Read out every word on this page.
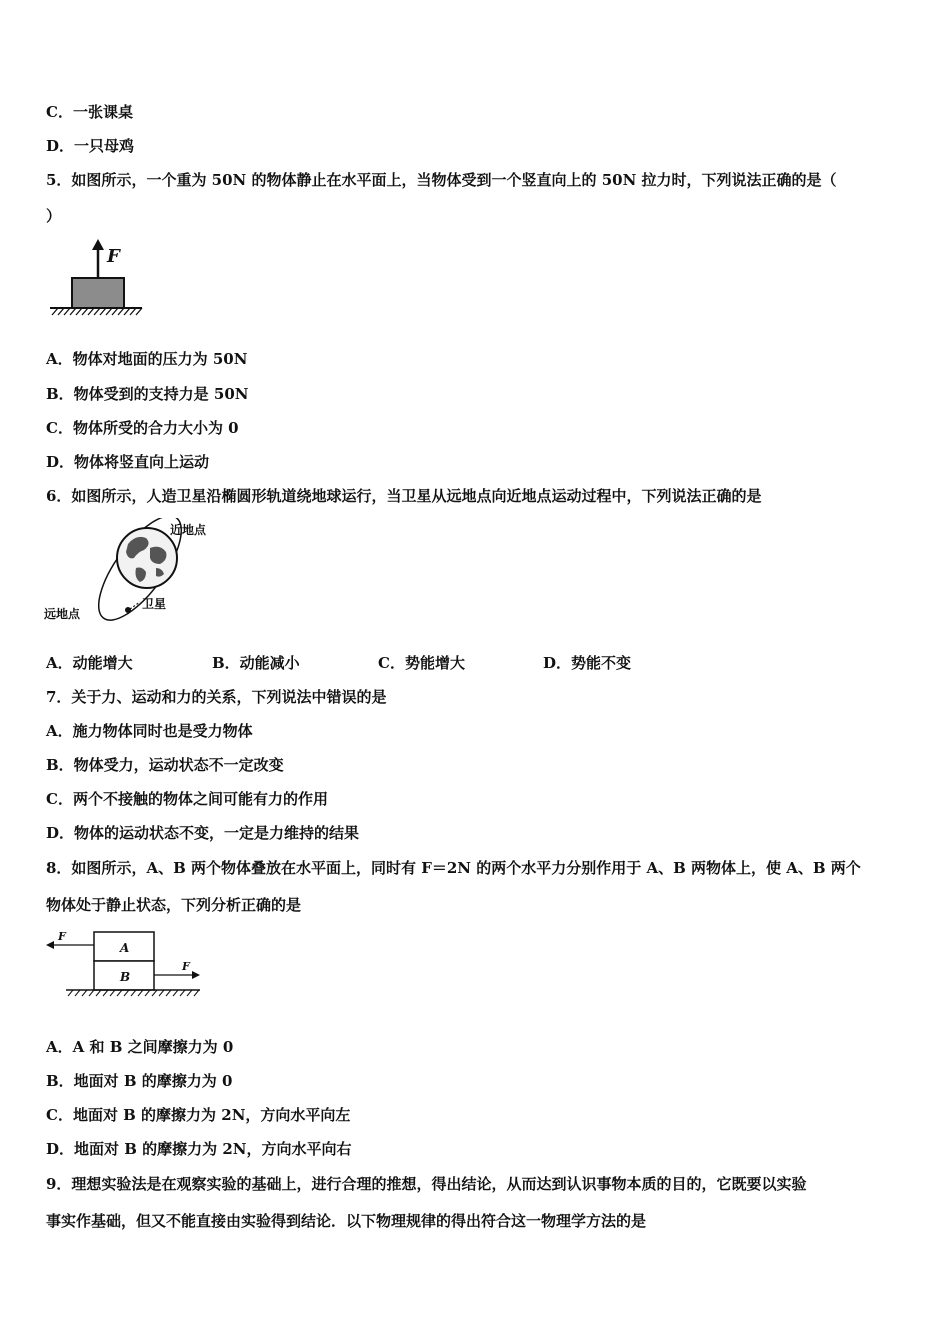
C．一张课桌
D．一只母鸡
5．如图所示，一个重为 50N 的物体静止在水平面上，当物体受到一个竖直向上的 50N 拉力时，下列说法正确的是（
）
F
A．物体对地面的压力为 50N
B．物体受到的支持力是 50N
C．物体所受的合力大小为 0
D．物体将竖直向上运动
6．如图所示，人造卫星沿椭圆形轨道绕地球运行，当卫星从远地点向近地点运动过程中，下列说法正确的是
近地点
远地点
卫星
A．动能增大	B．动能减小	C．势能增大	D．势能不变
7．关于力、运动和力的关系，下列说法中错误的是
A．施力物体同时也是受力物体
B．物体受力，运动状态不一定改变
C．两个不接触的物体之间可能有力的作用
D．物体的运动状态不变，一定是力维持的结果
8．如图所示，A、B 两个物体叠放在水平面上，同时有 F＝2N 的两个水平力分别作用于 A、B 两物体上，使 A、B 两个
物体处于静止状态，下列分析正确的是
A
B
F
F
A．A 和 B 之间摩擦力为 0
B．地面对 B 的摩擦力为 0
C．地面对 B 的摩擦力为 2N，方向水平向左
D．地面对 B 的摩擦力为 2N，方向水平向右
9．理想实验法是在观察实验的基础上，进行合理的推想，得出结论，从而达到认识事物本质的目的，它既要以实验
事实作基础，但又不能直接由实验得到结论．以下物理规律的得出符合这一物理学方法的是
